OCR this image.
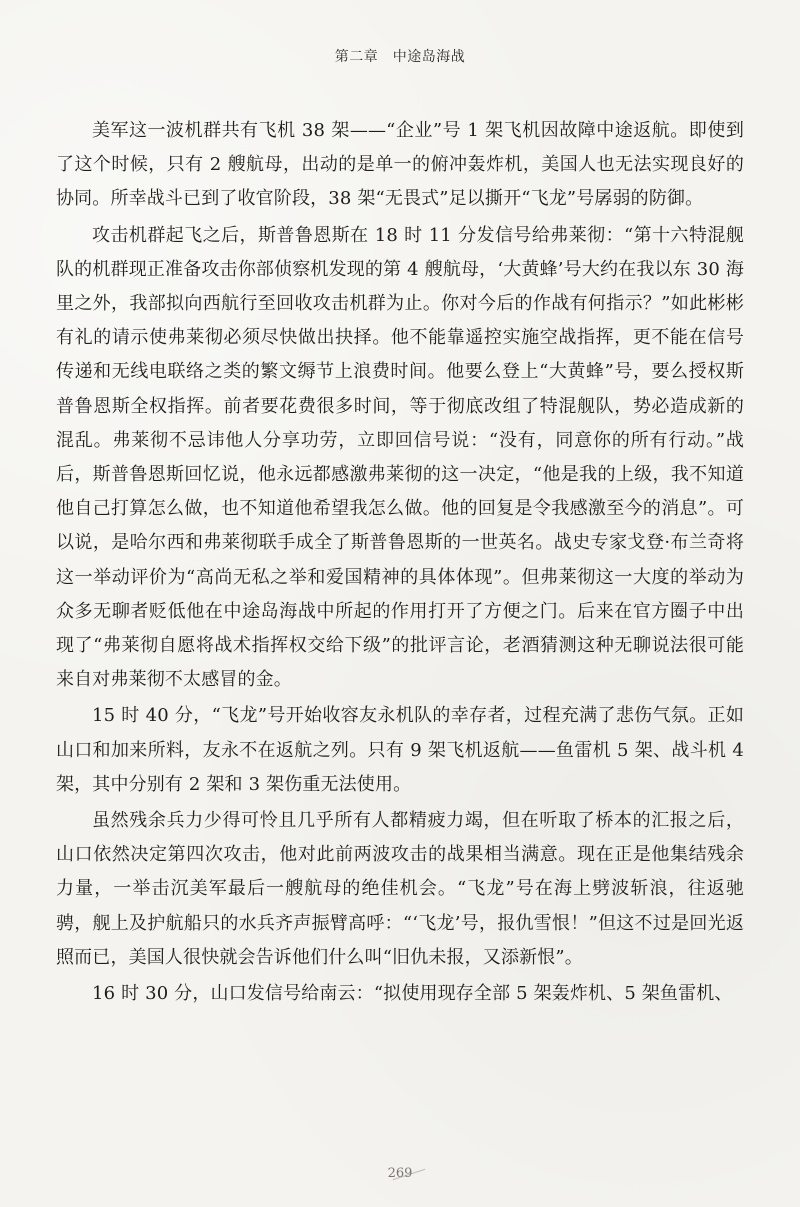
第二章　中途岛海战

美军这一波机群共有飞机 38 架——“企业”号 1 架飞机因故障中途返航。即使到了这个时候，只有 2 艘航母，出动的是单一的俯冲轰炸机，美国人也无法实现良好的协同。所幸战斗已到了收官阶段，38 架“无畏式”足以撕开“飞龙”号孱弱的防御。

攻击机群起飞之后，斯普鲁恩斯在 18 时 11 分发信号给弗莱彻：“第十六特混舰队的机群现正准备攻击你部侦察机发现的第 4 艘航母，‘大黄蜂’号大约在我以东 30 海里之外，我部拟向西航行至回收攻击机群为止。你对今后的作战有何指示？”如此彬彬有礼的请示使弗莱彻必须尽快做出抉择。他不能靠遥控实施空战指挥，更不能在信号传递和无线电联络之类的繁文缛节上浪费时间。他要么登上“大黄蜂”号，要么授权斯普鲁恩斯全权指挥。前者要花费很多时间，等于彻底改组了特混舰队，势必造成新的混乱。弗莱彻不忌讳他人分享功劳，立即回信号说：“没有，同意你的所有行动。”战后，斯普鲁恩斯回忆说，他永远都感激弗莱彻的这一决定，“他是我的上级，我不知道他自己打算怎么做，也不知道他希望我怎么做。他的回复是令我感激至今的消息”。可以说，是哈尔西和弗莱彻联手成全了斯普鲁恩斯的一世英名。战史专家戈登·布兰奇将这一举动评价为“高尚无私之举和爱国精神的具体体现”。但弗莱彻这一大度的举动为众多无聊者贬低他在中途岛海战中所起的作用打开了方便之门。后来在官方圈子中出现了“弗莱彻自愿将战术指挥权交给下级”的批评言论，老酒猜测这种无聊说法很可能来自对弗莱彻不太感冒的金。

15 时 40 分，“飞龙”号开始收容友永机队的幸存者，过程充满了悲伤气氛。正如山口和加来所料，友永不在返航之列。只有 9 架飞机返航——鱼雷机 5 架、战斗机 4 架，其中分别有 2 架和 3 架伤重无法使用。

虽然残余兵力少得可怜且几乎所有人都精疲力竭，但在听取了桥本的汇报之后，山口依然决定第四次攻击，他对此前两波攻击的战果相当满意。现在正是他集结残余力量，一举击沉美军最后一艘航母的绝佳机会。“飞龙”号在海上劈波斩浪，往返驰骋，舰上及护航船只的水兵齐声振臂高呼：“‘飞龙’号，报仇雪恨！”但这不过是回光返照而已，美国人很快就会告诉他们什么叫“旧仇未报，又添新恨”。

16 时 30 分，山口发信号给南云：“拟使用现存全部 5 架轰炸机、5 架鱼雷机、

269
